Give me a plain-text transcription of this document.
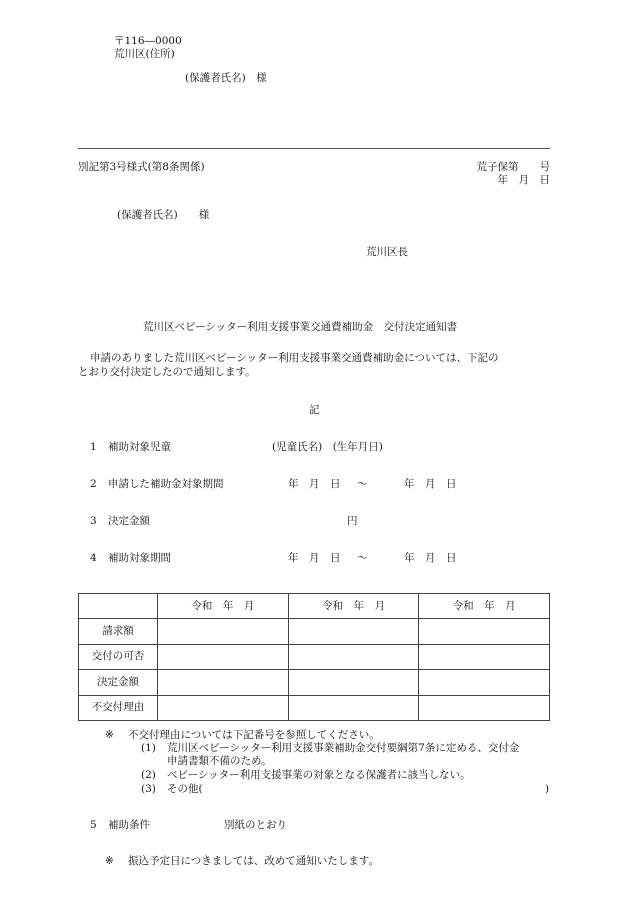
〒116―0000
荒川区(住所)
(保護者氏名)　様
別記第3号様式(第8条関係)	荒子保第　　号
年　月　日
(保護者氏名)　　様
荒川区長
荒川区ベビーシッター利用支援事業交通費補助金　交付決定通知書
申請のありました荒川区ベビーシッター利用支援事業交通費補助金については、下記の
とおり交付決定したので通知します。
記
1 補助対象児童	(児童氏名)　(生年月日)
2 申請した補助金対象期間	年　月　日 ～	年　月　日
3 決定金額	円
4 補助対象期間	年　月　日 ～	年　月　日
	令和　年　月	令和　年　月	令和　年　月
請求額			
交付の可否			
決定金額			
不交付理由			
※ 不交付理由については下記番号を参照してください。
(1) 荒川区ベビーシッター利用支援事業補助金交付要綱第7条に定める、交付金
申請書類不備のため。
(2) ベビーシッター利用支援事業の対象となる保護者に該当しない。
(3) その他(	)
5 補助条件	別紙のとおり
※ 振込予定日につきましては、改めて通知いたします。
